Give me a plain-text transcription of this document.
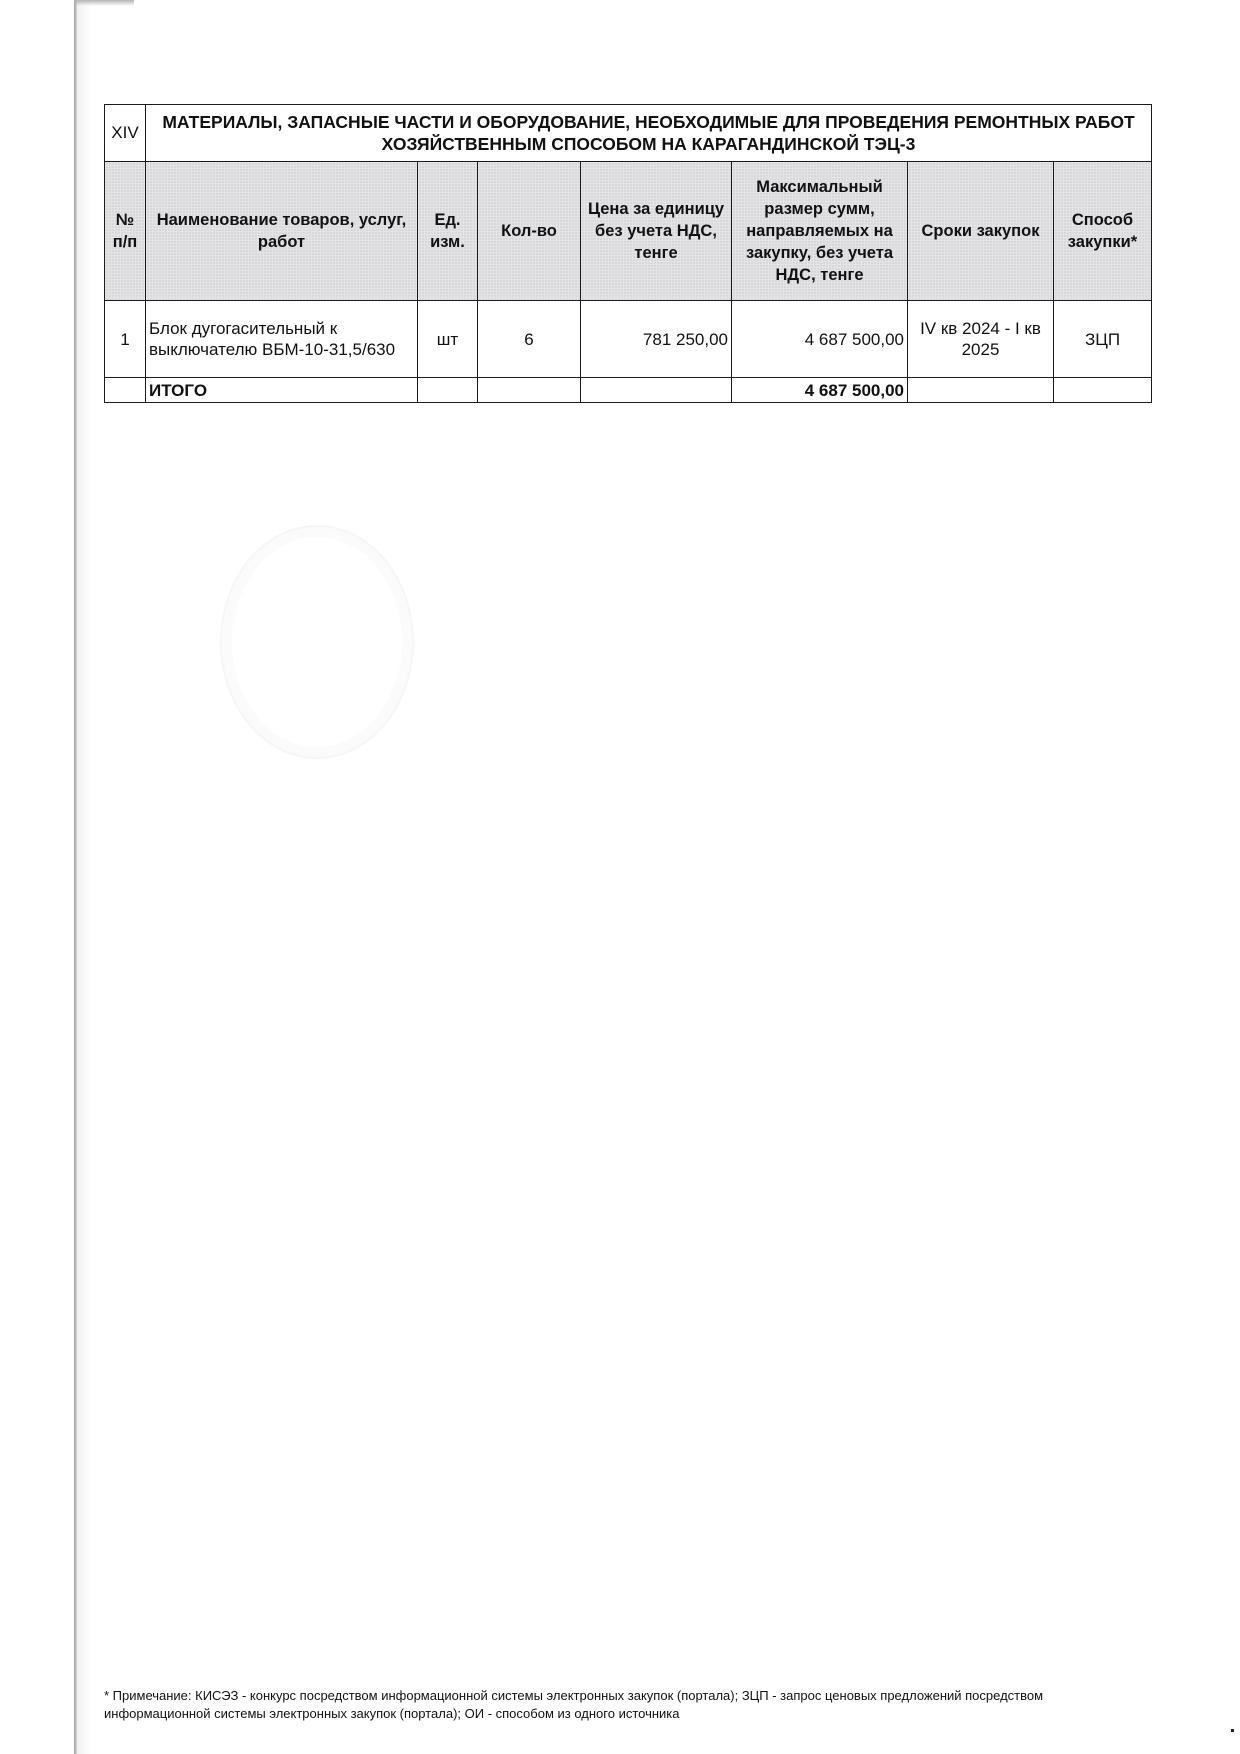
XIV	МАТЕРИАЛЫ, ЗАПАСНЫЕ ЧАСТИ И ОБОРУДОВАНИЕ, НЕОБХОДИМЫЕ ДЛЯ ПРОВЕДЕНИЯ РЕМОНТНЫХ РАБОТ ХОЗЯЙСТВЕННЫМ СПОСОБОМ НА КАРАГАНДИНСКОЙ ТЭЦ-3						
№ п/п	Наименование товаров, услуг, работ	Ед. изм.	Кол-во	Цена за единицу без учета НДС, тенге	Максимальный размер сумм, направляемых на закупку, без учета НДС, тенге	Сроки закупок	Способ закупки*
1	Блок дугогасительный к выключателю ВБМ-10-31,5/630	шт	6	781 250,00	4 687 500,00	IV кв 2024 - I кв 2025	ЗЦП
	ИТОГО				4 687 500,00		
* Примечание: КИСЭЗ - конкурс посредством информационной системы электронных закупок (портала); ЗЦП - запрос ценовых предложений посредством информационной системы электронных закупок (портала); ОИ - способом из одного источника
